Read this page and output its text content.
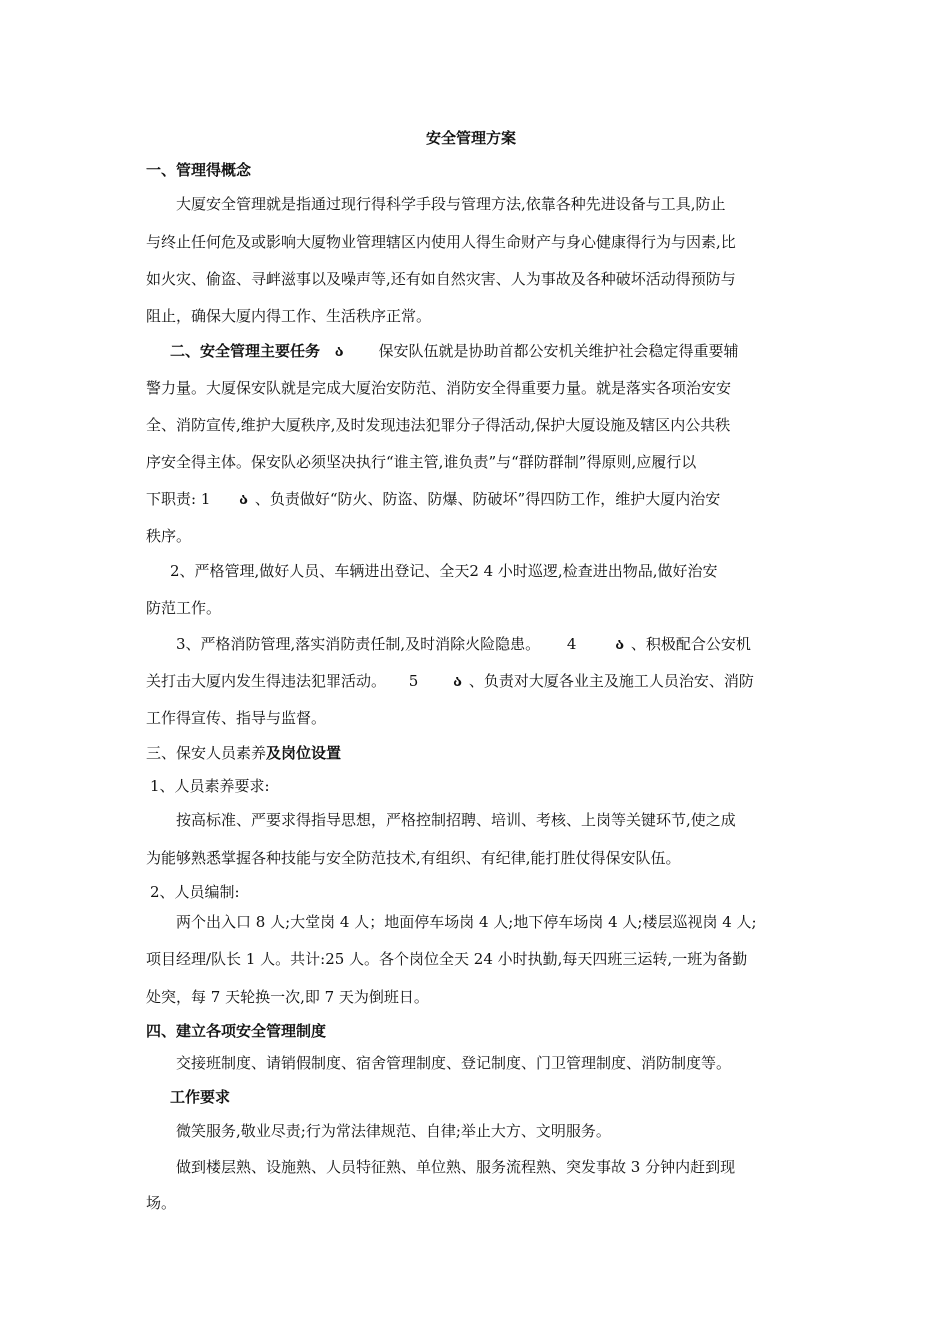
安全管理方案
一、管理得概念
大厦安全管理就是指通过现行得科学手段与管理方法,依靠各种先进设备与工具,防止
与终止任何危及或影响大厦物业管理辖区内使用人得生命财产与身心健康得行为与因素,比
如火灾、偷盗、寻衅滋事以及噪声等,还有如自然灾害、人为事故及各种破坏活动得预防与
阻止，确保大厦内得工作、生活秩序正常。
二、安全管理主要任务 ა 保安队伍就是协助首都公安机关维护社会稳定得重要辅
警力量。大厦保安队就是完成大厦治安防范、消防安全得重要力量。就是落实各项治安安
全、消防宣传,维护大厦秩序,及时发现违法犯罪分子得活动,保护大厦设施及辖区内公共秩
序安全得主体。保安队必须坚决执行“谁主管,谁负责”与“群防群制”得原则,应履行以
下职责: 1 ა 、负责做好“防火、防盗、防爆、防破坏”得四防工作，维护大厦内治安
秩序。
2、严格管理,做好人员、车辆进出登记、全天2 4 小时巡逻,检查进出物品,做好治安
防范工作。
3、严格消防管理,落实消防责任制,及时消除火险隐患。 4	ა 、积极配合公安机
关打击大厦内发生得违法犯罪活动。 5 ა 、负责对大厦各业主及施工人员治安、消防
工作得宣传、指导与监督。
三、保安人员素养及岗位设置
1、人员素养要求:
按高标准、严要求得指导思想，严格控制招聘、培训、考核、上岗等关键环节,使之成
为能够熟悉掌握各种技能与安全防范技术,有组织、有纪律,能打胜仗得保安队伍。
2、人员编制:
两个出入口 8 人;大堂岗 4 人；地面停车场岗 4 人;地下停车场岗 4 人;楼层巡视岗 4 人;
项目经理/队长 1 人。共计:25 人。各个岗位全天 24 小时执勤,每天四班三运转,一班为备勤
处突，每 7 天轮换一次,即 7 天为倒班日。
四、建立各项安全管理制度
交接班制度、请销假制度、宿舍管理制度、登记制度、门卫管理制度、消防制度等。
工作要求
微笑服务,敬业尽责;行为常法律规范、自律;举止大方、文明服务。
做到楼层熟、设施熟、人员特征熟、单位熟、服务流程熟、突发事故 3 分钟内赶到现
场。
